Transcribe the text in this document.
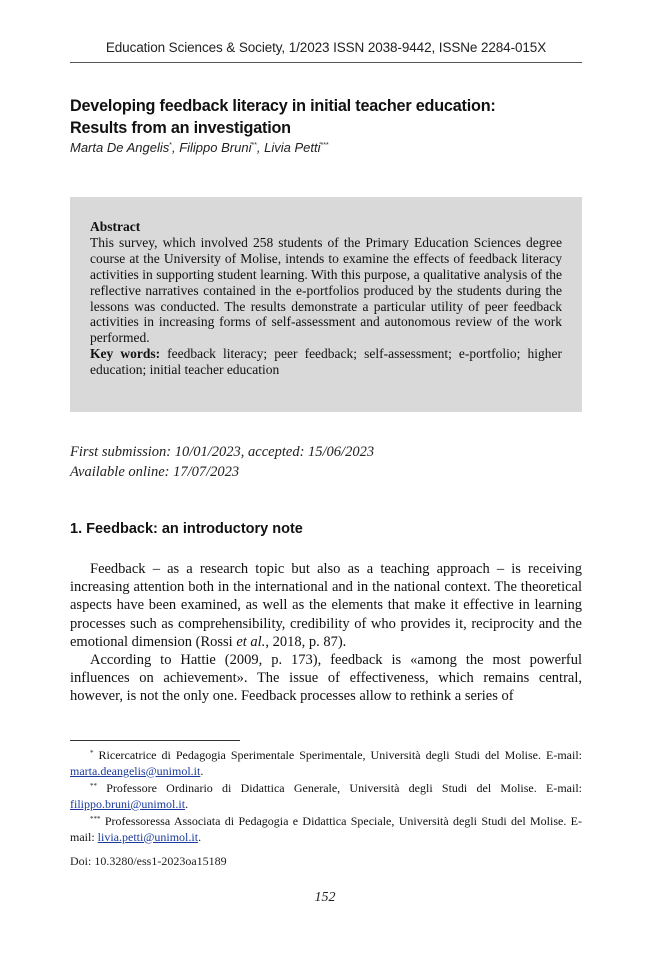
Education Sciences & Society, 1/2023 ISSN 2038-9442, ISSNe 2284-015X
Developing feedback literacy in initial teacher education:
Results from an investigation
Marta De Angelis*, Filippo Bruni**, Livia Petti***
Abstract
This survey, which involved 258 students of the Primary Education Sciences degree course at the University of Molise, intends to examine the effects of feedback literacy activities in supporting student learning. With this purpose, a qualitative analysis of the reflective narratives contained in the e-portfolios produced by the students during the lessons was conducted. The results demonstrate a particular utility of peer feedback activities in increasing forms of self-assessment and autonomous review of the work performed.
Key words: feedback literacy; peer feedback; self-assessment; e-portfolio; higher education; initial teacher education
First submission: 10/01/2023, accepted: 15/06/2023
Available online: 17/07/2023
1. Feedback: an introductory note

Feedback – as a research topic but also as a teaching approach – is receiving increasing attention both in the international and in the national context. The theoretical aspects have been examined, as well as the elements that make it effective in learning processes such as comprehensibility, credibility of who provides it, reciprocity and the emotional dimension (Rossi et al., 2018, p. 87).

According to Hattie (2009, p. 173), feedback is «among the most powerful influences on achievement». The issue of effectiveness, which remains central, however, is not the only one. Feedback processes allow to rethink a series of

* Ricercatrice di Pedagogia Sperimentale Sperimentale, Università degli Studi del Molise. E-mail: marta.deangelis@unimol.it.

** Professore Ordinario di Didattica Generale, Università degli Studi del Molise. E-mail: filippo.bruni@unimol.it.

*** Professoressa Associata di Pedagogia e Didattica Speciale, Università degli Studi del Molise. E-mail: livia.petti@unimol.it.

Doi: 10.3280/ess1-2023oa15189
152
